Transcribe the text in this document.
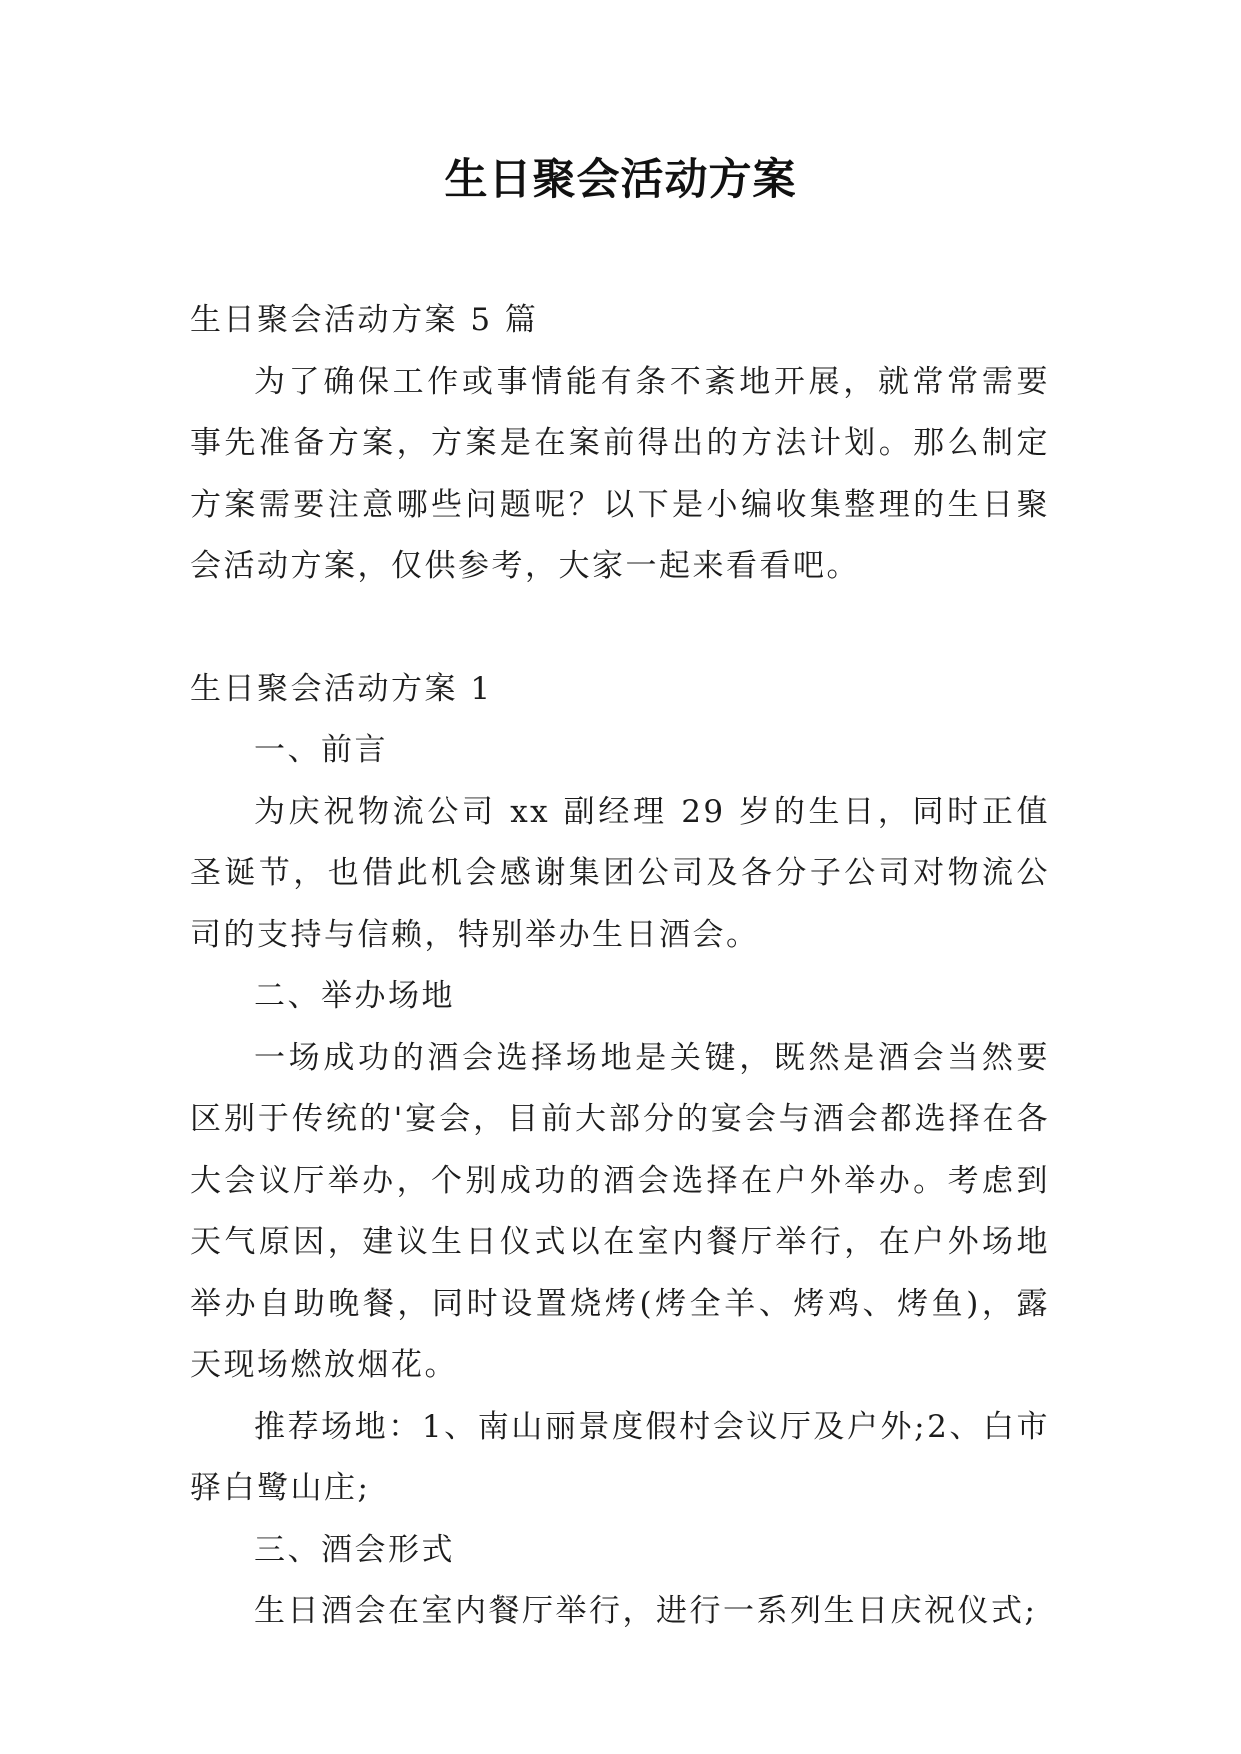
生日聚会活动方案

生日聚会活动方案 5 篇

为了确保工作或事情能有条不紊地开展，就常常需要事先准备方案，方案是在案前得出的方法计划。那么制定方案需要注意哪些问题呢？以下是小编收集整理的生日聚会活动方案，仅供参考，大家一起来看看吧。

生日聚会活动方案 1

一、前言

为庆祝物流公司 xx 副经理 29 岁的生日，同时正值圣诞节，也借此机会感谢集团公司及各分子公司对物流公司的支持与信赖，特别举办生日酒会。

二、举办场地

一场成功的酒会选择场地是关键，既然是酒会当然要区别于传统的'宴会，目前大部分的宴会与酒会都选择在各大会议厅举办，个别成功的酒会选择在户外举办。考虑到天气原因，建议生日仪式以在室内餐厅举行，在户外场地举办自助晚餐，同时设置烧烤(烤全羊、烤鸡、烤鱼)，露天现场燃放烟花。

推荐场地：1、南山丽景度假村会议厅及户外;2、白市驿白鹭山庄;

三、酒会形式

生日酒会在室内餐厅举行，进行一系列生日庆祝仪式;
